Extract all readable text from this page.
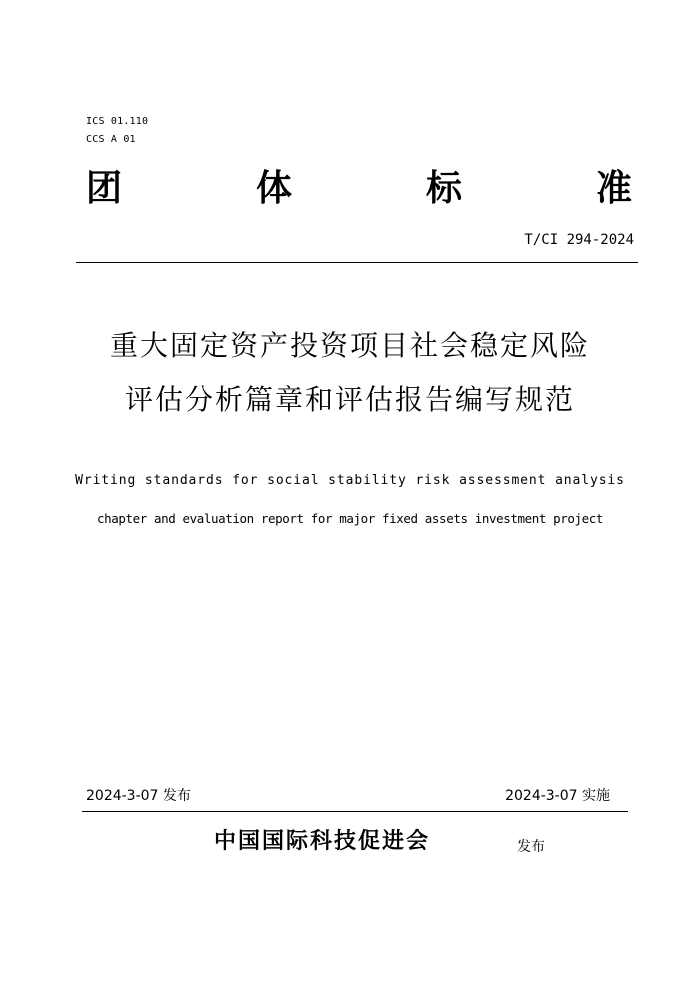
ICS 01.110
CCS A 01
团	体	标	准
T/CI 294-2024
重大固定资产投资项目社会稳定风险
评估分析篇章和评估报告编写规范
Writing standards for social stability risk assessment analysis
chapter and evaluation report for major fixed assets investment project
2024-3-07 发布	2024-3-07 实施
中国国际科技促进会	发布
